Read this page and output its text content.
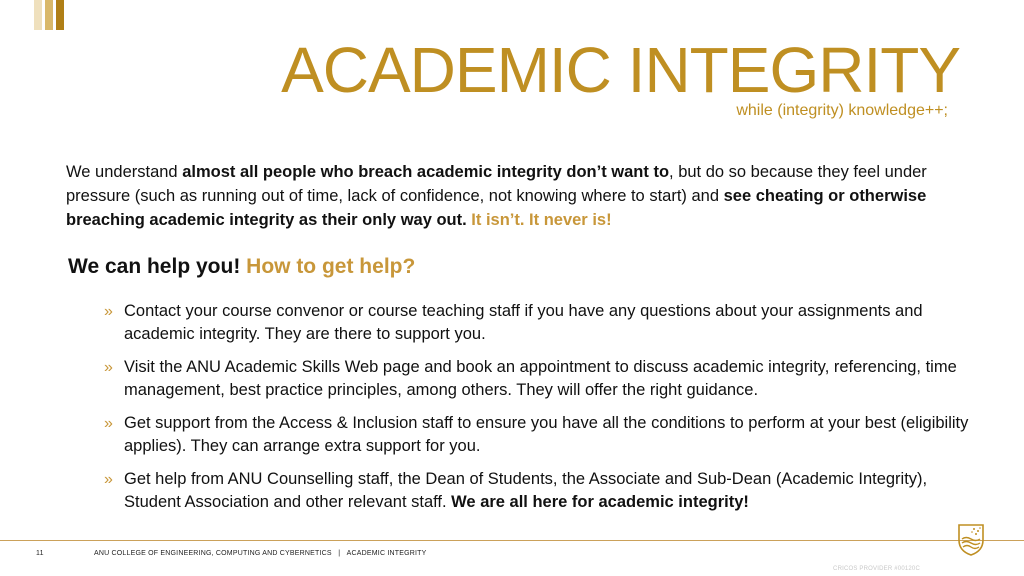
ACADEMIC INTEGRITY

while (integrity) knowledge++;

We understand almost all people who breach academic integrity don’t want to, but do so because they feel under pressure (such as running out of time, lack of confidence, not knowing where to start) and see cheating or otherwise breaching academic integrity as their only way out. It isn’t. It never is!

We can help you! How to get help?
» Contact your course convenor or course teaching staff if you have any questions about your assignments and academic integrity. They are there to support you.
» Visit the ANU Academic Skills Web page and book an appointment to discuss academic integrity, referencing, time management, best practice principles, among others. They will offer the right guidance.
» Get support from the Access & Inclusion staff to ensure you have all the conditions to perform at your best (eligibility applies). They can arrange extra support for you.
» Get help from ANU Counselling staff, the Dean of Students, the Associate and Sub-Dean (Academic Integrity), Student Association and other relevant staff. We are all here for academic integrity!
11	ANU COLLEGE OF ENGINEERING, COMPUTING AND CYBERNETICS | ACADEMIC INTEGRITY
CRICOS PROVIDER #00120C
